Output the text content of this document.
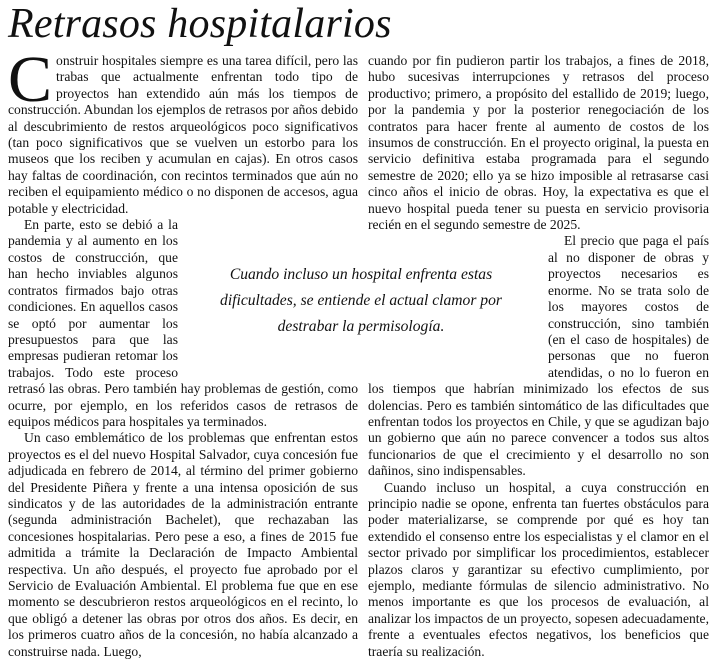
Retrasos hospitalarios

Construir hospitales siempre es una tarea difícil, pero las trabas que actualmente enfrentan todo tipo de proyectos han extendido aún más los tiempos de construcción. Abundan los ejemplos de retrasos por años debido al descubrimiento de restos arqueológicos poco significativos (tan poco significativos que se vuelven un estorbo para los museos que los reciben y acumulan en cajas). En otros casos hay faltas de coordinación, con recintos terminados que aún no reciben el equipamiento médico o no disponen de accesos, agua potable y electricidad.

En parte, esto se debió a la pandemia y al aumento en los costos de construcción, que han hecho inviables algunos contratos firmados bajo otras condiciones. En aquellos casos se optó por aumentar los presupuestos para que las empresas pudieran retomar los trabajos. Todo este proceso retrasó las obras. Pero también hay problemas de gestión, como ocurre, por ejemplo, en los referidos casos de retrasos de equipos médicos para hospitales ya terminados.

Un caso emblemático de los problemas que enfrentan estos proyectos es el del nuevo Hospital Salvador, cuya concesión fue adjudicada en febrero de 2014, al término del primer gobierno del Presidente Piñera y frente a una intensa oposición de sus sindicatos y de las autoridades de la administración entrante (segunda administración Bachelet), que rechazaban las concesiones hospitalarias. Pero pese a eso, a fines de 2015 fue admitida a trámite la Declaración de Impacto Ambiental respectiva. Un año después, el proyecto fue aprobado por el Servicio de Evaluación Ambiental. El problema fue que en ese momento se descubrieron restos arqueológicos en el recinto, lo que obligó a detener las obras por otros dos años. Es decir, en los primeros cuatro años de la concesión, no había alcanzado a construirse nada. Luego,

cuando por fin pudieron partir los trabajos, a fines de 2018, hubo sucesivas interrupciones y retrasos del proceso productivo; primero, a propósito del estallido de 2019; luego, por la pandemia y por la posterior renegociación de los contratos para hacer frente al aumento de costos de los insumos de construcción. En el proyecto original, la puesta en servicio definitiva estaba programada para el segundo semestre de 2020; ello ya se hizo imposible al retrasarse casi cinco años el inicio de obras. Hoy, la expectativa es que el nuevo hospital pueda tener su puesta en servicio provisoria recién en el segundo semestre de 2025.

El precio que paga el país al no disponer de obras y proyectos necesarios es enorme. No se trata solo de los mayores costos de construcción, sino también (en el caso de hospitales) de personas que no fueron atendidas, o no lo fueron en los tiempos que habrían minimizado los efectos de sus dolencias. Pero es también sintomático de las dificultades que enfrentan todos los proyectos en Chile, y que se agudizan bajo un gobierno que aún no parece convencer a todos sus altos funcionarios de que el crecimiento y el desarrollo no son dañinos, sino indispensables.

Cuando incluso un hospital, a cuya construcción en principio nadie se opone, enfrenta tan fuertes obstáculos para poder materializarse, se comprende por qué es hoy tan extendido el consenso entre los especialistas y el clamor en el sector privado por simplificar los procedimientos, establecer plazos claros y garantizar su efectivo cumplimiento, por ejemplo, mediante fórmulas de silencio administrativo. No menos importante es que los procesos de evaluación, al analizar los impactos de un proyecto, sopesen adecuadamente, frente a eventuales efectos negativos, los beneficios que traería su realización.

Cuando incluso un hospital enfrenta estas dificultades, se entiende el actual clamor por destrabar la permisología.
